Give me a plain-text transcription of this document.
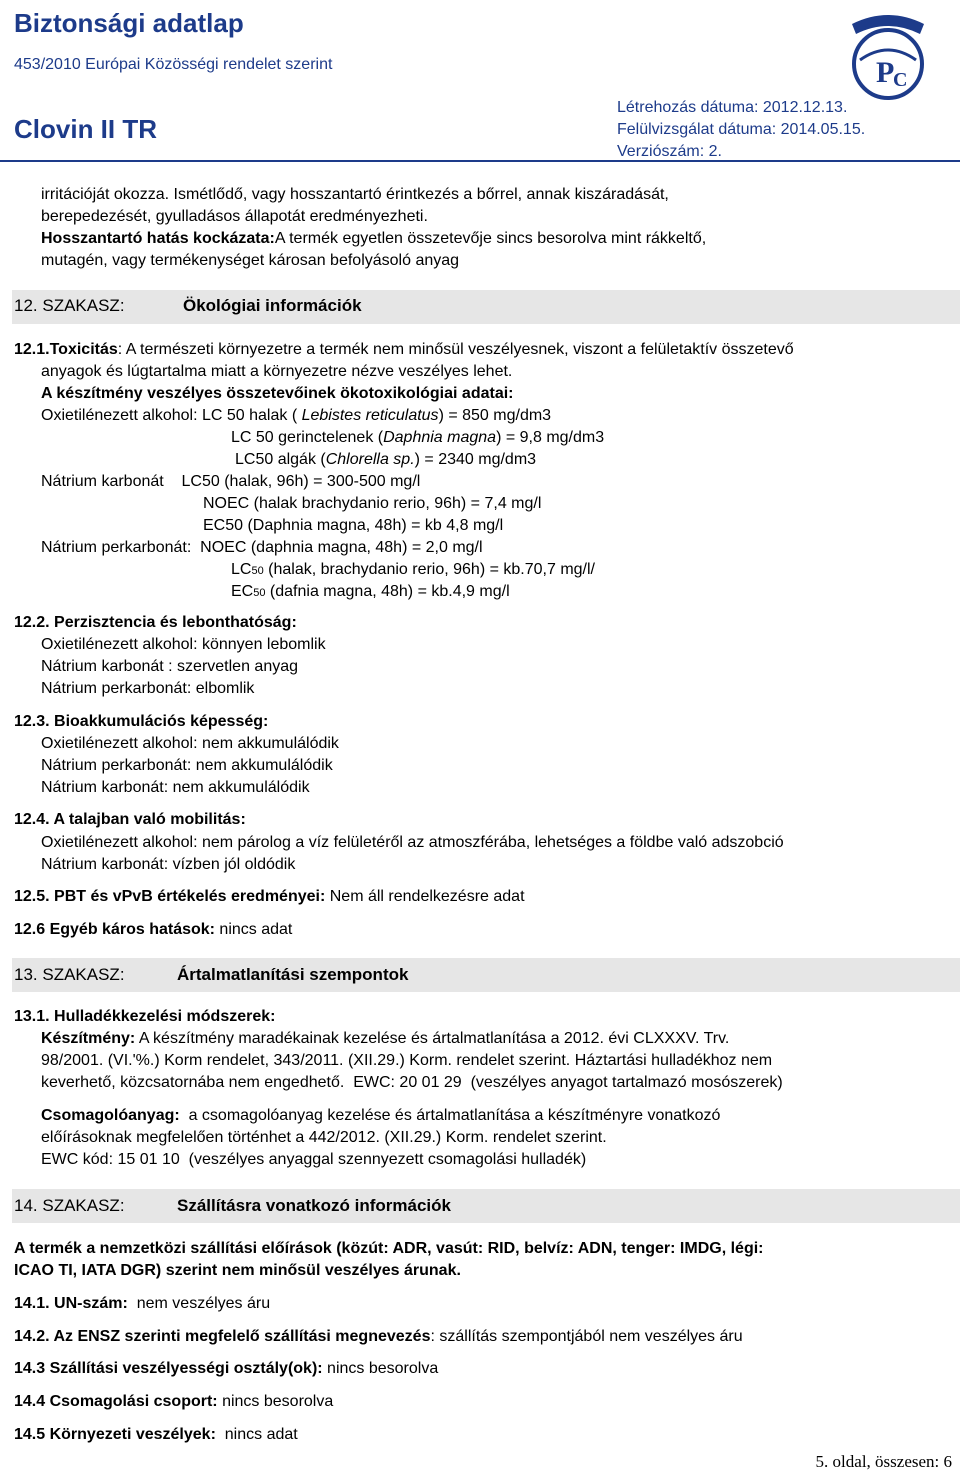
Biztonsági adatlap
453/2010 Európai Közösségi rendelet szerint
Clovin II TR
Létrehozás dátuma: 2012.12.13.
Felülvizsgálat dátuma: 2014.05.15.
Verziószám: 2.
P
C
PENTA CLEAN
irritációját okozza. Ismétlődő, vagy hosszantartó érintkezés a bőrrel, annak kiszáradását,
berepedezését, gyulladásos állapotát eredményezheti.
Hosszantartó hatás kockázata:A termék egyetlen összetevője sincs besorolva mint rákkeltő,
mutagén, vagy termékenységet károsan befolyásoló anyag
12. SZAKASZ:	Ökológiai információk
12.1.Toxicitás: A természeti környezetre a termék nem minősül veszélyesnek, viszont a felületaktív összetevő
anyagok és lúgtartalma miatt a környezetre nézve veszélyes lehet.
A készítmény veszélyes összetevőinek ökotoxikológiai adatai:
Oxietilénezett alkohol: LC 50 halak ( Lebistes reticulatus) = 850 mg/dm3
LC 50 gerinctelenek (Daphnia magna) = 9,8 mg/dm3
LC50 algák (Chlorella sp.) = 2340 mg/dm3
Nátrium karbonát    LC50 (halak, 96h) = 300-500 mg/l
NOEC (halak brachydanio rerio, 96h) = 7,4 mg/l
EC50 (Daphnia magna, 48h) = kb 4,8 mg/l
Nátrium perkarbonát:  NOEC (daphnia magna, 48h) = 2,0 mg/l
LC50 (halak, brachydanio rerio, 96h) = kb.70,7 mg/l/
EC50 (dafnia magna, 48h) = kb.4,9 mg/l
12.2. Perzisztencia és lebonthatóság:
Oxietilénezett alkohol: könnyen lebomlik
Nátrium karbonát : szervetlen anyag
Nátrium perkarbonát: elbomlik
12.3. Bioakkumulációs képesség:
Oxietilénezett alkohol: nem akkumulálódik
Nátrium perkarbonát: nem akkumulálódik
Nátrium karbonát: nem akkumulálódik
12.4. A talajban való mobilitás:
Oxietilénezett alkohol: nem párolog a víz felületéről az atmoszférába, lehetséges a földbe való adszobció
Nátrium karbonát: vízben jól oldódik
12.5. PBT és vPvB értékelés eredményei: Nem áll rendelkezésre adat
12.6 Egyéb káros hatások: nincs adat
13. SZAKASZ:	Ártalmatlanítási szempontok
13.1. Hulladékkezelési módszerek:
Készítmény: A készítmény maradékainak kezelése és ártalmatlanítása a 2012. évi CLXXXV. Trv.
98/2001. (VI.'%.) Korm rendelet, 343/2011. (XII.29.) Korm. rendelet szerint. Háztartási hulladékhoz nem
keverhető, közcsatornába nem engedhető.  EWC: 20 01 29  (veszélyes anyagot tartalmazó mosószerek)
Csomagolóanyag:  a csomagolóanyag kezelése és ártalmatlanítása a készítményre vonatkozó
előírásoknak megfelelően történhet a 442/2012. (XII.29.) Korm. rendelet szerint.
EWC kód: 15 01 10  (veszélyes anyaggal szennyezett csomagolási hulladék)
14. SZAKASZ:	Szállításra vonatkozó információk
A termék a nemzetközi szállítási előírások (közút: ADR, vasút: RID, belvíz: ADN, tenger: IMDG, légi:
ICAO TI, IATA DGR) szerint nem minősül veszélyes árunak.
14.1. UN-szám:  nem veszélyes áru
14.2. Az ENSZ szerinti megfelelő szállítási megnevezés: szállítás szempontjából nem veszélyes áru
14.3 Szállítási veszélyességi osztály(ok): nincs besorolva
14.4 Csomagolási csoport: nincs besorolva
14.5 Környezeti veszélyek:  nincs adat
5. oldal, összesen: 6
